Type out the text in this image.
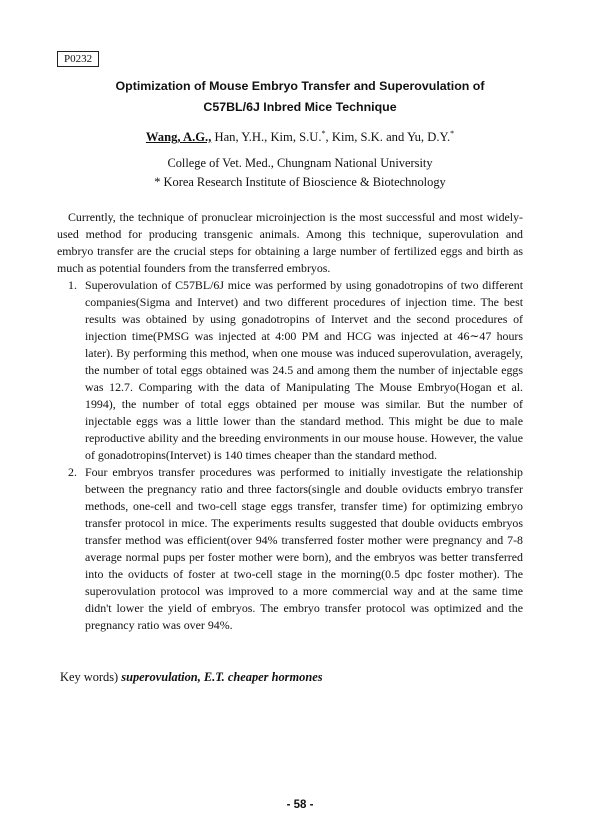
P0232
Optimization of Mouse Embryo Transfer and Superovulation of
C57BL/6J Inbred Mice Technique
Wang, A.G., Han, Y.H., Kim, S.U.*, Kim, S.K. and Yu, D.Y.*
College of Vet. Med., Chungnam National University
* Korea Research Institute of Bioscience & Biotechnology

Currently, the technique of pronuclear microinjection is the most successful and most widely-used method for producing transgenic animals. Among this technique, superovulation and embryo transfer are the crucial steps for obtaining a large number of fertilized eggs and birth as much as potential founders from the transferred embryos.

1. Superovulation of C57BL/6J mice was performed by using gonadotropins of two different companies(Sigma and Intervet) and two different procedures of injection time. The best results was obtained by using gonadotropins of Intervet and the second procedures of injection time(PMSG was injected at 4:00 PM and HCG was injected at 46∼47 hours later). By performing this method, when one mouse was induced superovulation, averagely, the number of total eggs obtained was 24.5 and among them the number of injectable eggs was 12.7. Comparing with the data of Manipulating The Mouse Embryo(Hogan et al. 1994), the number of total eggs obtained per mouse was similar. But the number of injectable eggs was a little lower than the standard method. This might be due to male reproductive ability and the breeding environments in our mouse house. However, the value of gonadotropins(Intervet) is 140 times cheaper than the standard method.
2. Four embryos transfer procedures was performed to initially investigate the relationship between the pregnancy ratio and three factors(single and double oviducts embryo transfer methods, one-cell and two-cell stage eggs transfer, transfer time) for optimizing embryo transfer protocol in mice. The experiments results suggested that double oviducts embryos transfer method was efficient(over 94% transferred foster mother were pregnancy and 7-8 average normal pups per foster mother were born), and the embryos was better transferred into the oviducts of foster at two-cell stage in the morning(0.5 dpc foster mother). The superovulation protocol was improved to a more commercial way and at the same time didn't lower the yield of embryos. The embryo transfer protocol was optimized and the pregnancy ratio was over 94%.
Key words) superovulation, E.T. cheaper hormones
- 58 -
